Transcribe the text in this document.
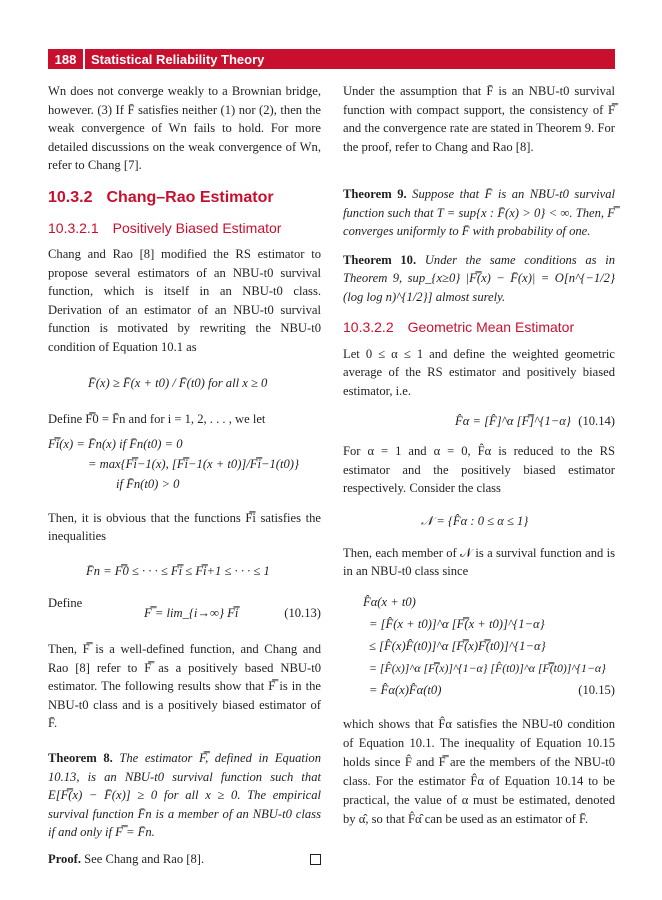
188	Statistical Reliability Theory

Wn does not converge weakly to a Brownian bridge, however. (3) If F̄ satisfies neither (1) nor (2), then the weak convergence of Wn fails to hold. For more detailed discussions on the weak convergence of Wn, refer to Chang [7].

10.3.2 Chang–Rao Estimator
10.3.2.1 Positively Biased Estimator

Chang and Rao [8] modified the RS estimator to propose several estimators of an NBU-t0 survival function, which is itself in an NBU-t0 class. Derivation of an estimator of an NBU-t0 survival function is motivated by rewriting the NBU-t0 condition of Equation 10.1 as

F̄(x) ≥ F̄(x + t0) / F̄(t0) for all x ≥ 0

Define F̿0 = F̄n and for i = 1, 2, . . . , we let

F̿i(x) = F̄n(x) if F̄n(t0) = 0
= max{F̿i−1(x), [F̿i−1(x + t0)]/F̿i−1(t0)}
if F̄n(t0) > 0

Then, it is obvious that the functions F̿i satisfies the inequalities

F̄n = F̿0 ≤ · · · ≤ F̿i ≤ F̿i+1 ≤ · · · ≤ 1

Define

F̿ = lim_{i→∞} F̿i	(10.13)

Then, F̿ is a well-defined function, and Chang and Rao [8] refer to F̿ as a positively based NBU-t0 estimator. The following results show that F̿ is in the NBU-t0 class and is a positively biased estimator of F̄.

Theorem 8. The estimator F̿, defined in Equation 10.13, is an NBU-t0 survival function such that E[F̿(x) − F̄(x)] ≥ 0 for all x ≥ 0. The empirical survival function F̄n is a member of an NBU-t0 class if and only if F̿ = F̄n.

Proof. See Chang and Rao [8].

Under the assumption that F̄ is an NBU-t0 survival function with compact support, the consistency of F̿ and the convergence rate are stated in Theorem 9. For the proof, refer to Chang and Rao [8].

Theorem 9. Suppose that F̄ is an NBU-t0 survival function such that T = sup{x : F̄(x) > 0} < ∞. Then, F̿ converges uniformly to F̄ with probability of one.

Theorem 10. Under the same conditions as in Theorem 9, sup_{x≥0} |F̿(x) − F̄(x)| = O[n^{−1/2}(log log n)^{1/2}] almost surely.

10.3.2.2 Geometric Mean Estimator

Let 0 ≤ α ≤ 1 and define the weighted geometric average of the RS estimator and positively biased estimator, i.e.

F̂α = [F̂]^α [F̿]^{1−α} (10.14)

For α = 1 and α = 0, F̂α is reduced to the RS estimator and the positively biased estimator respectively. Consider the class

𝒩 = {F̂α : 0 ≤ α ≤ 1}

Then, each member of 𝒩 is a survival function and is in an NBU-t0 class since

F̂α(x + t0)
= [F̂(x + t0)]^α [F̿(x + t0)]^{1−α}
≤ [F̂(x)F̂(t0)]^α [F̿(x)F̿(t0)]^{1−α}
= [F̂(x)]^α [F̿(x)]^{1−α} [F̂(t0)]^α [F̿(t0)]^{1−α}
= F̂α(x)F̂α(t0)	(10.15)

which shows that F̂α satisfies the NBU-t0 condition of Equation 10.1. The inequality of Equation 10.15 holds since F̂ and F̿ are the members of the NBU-t0 class. For the estimator F̂α of Equation 10.14 to be practical, the value of α must be estimated, denoted by α̂, so that F̂α̂ can be used as an estimator of F̄.
